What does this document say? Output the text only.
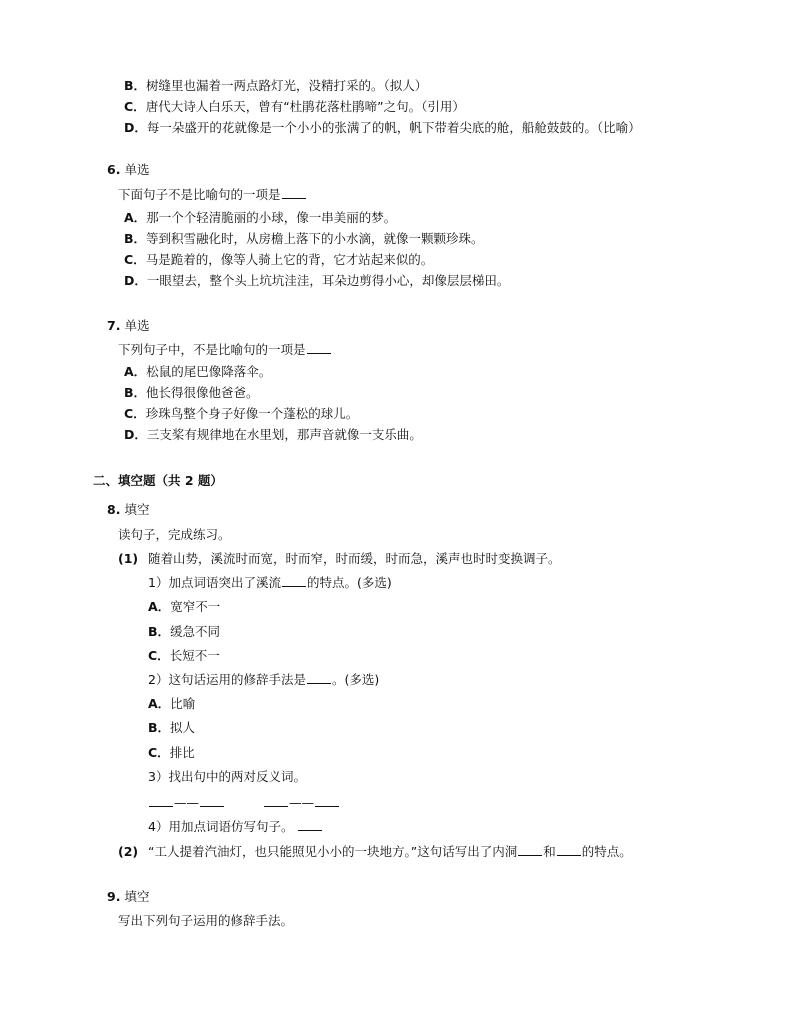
B．树缝里也漏着一两点路灯光，没精打采的。（拟人）
C．唐代大诗人白乐天，曾有“杜鹃花落杜鹃啼”之句。（引用）
D．每一朵盛开的花就像是一个小小的张满了的帆，帆下带着尖底的舱，船舱鼓鼓的。（比喻）
6. 单选
下面句子不是比喻句的一项是
A．那一个个轻清脆丽的小球，像一串美丽的梦。
B．等到积雪融化时，从房檐上落下的小水滴，就像一颗颗珍珠。
C．马是跪着的，像等人骑上它的背，它才站起来似的。
D．一眼望去，整个头上坑坑洼洼，耳朵边剪得小心，却像层层梯田。
7. 单选
下列句子中，不是比喻句的一项是
A．松鼠的尾巴像降落伞。
B．他长得很像他爸爸。
C．珍珠鸟整个身子好像一个蓬松的球儿。
D．三支桨有规律地在水里划，那声音就像一支乐曲。
二、填空题（共 2 题）
8. 填空
读句子，完成练习。
(1) 随着山势，溪流时而宽，时而窄，时而缓，时而急，溪声也时时变换调子。
1）加点词语突出了溪流 的特点。(多选)
A．宽窄不一
B．缓急不同
C．长短不一
2）这句话运用的修辞手法是 。(多选)
A．比喻
B．拟人
C．排比
3）找出句中的两对反义词。
——	——
4）用加点词语仿写句子。
(2) “工人提着汽油灯，也只能照见小小的一块地方。”这句话写出了内洞 和 的特点。
9. 填空
写出下列句子运用的修辞手法。
